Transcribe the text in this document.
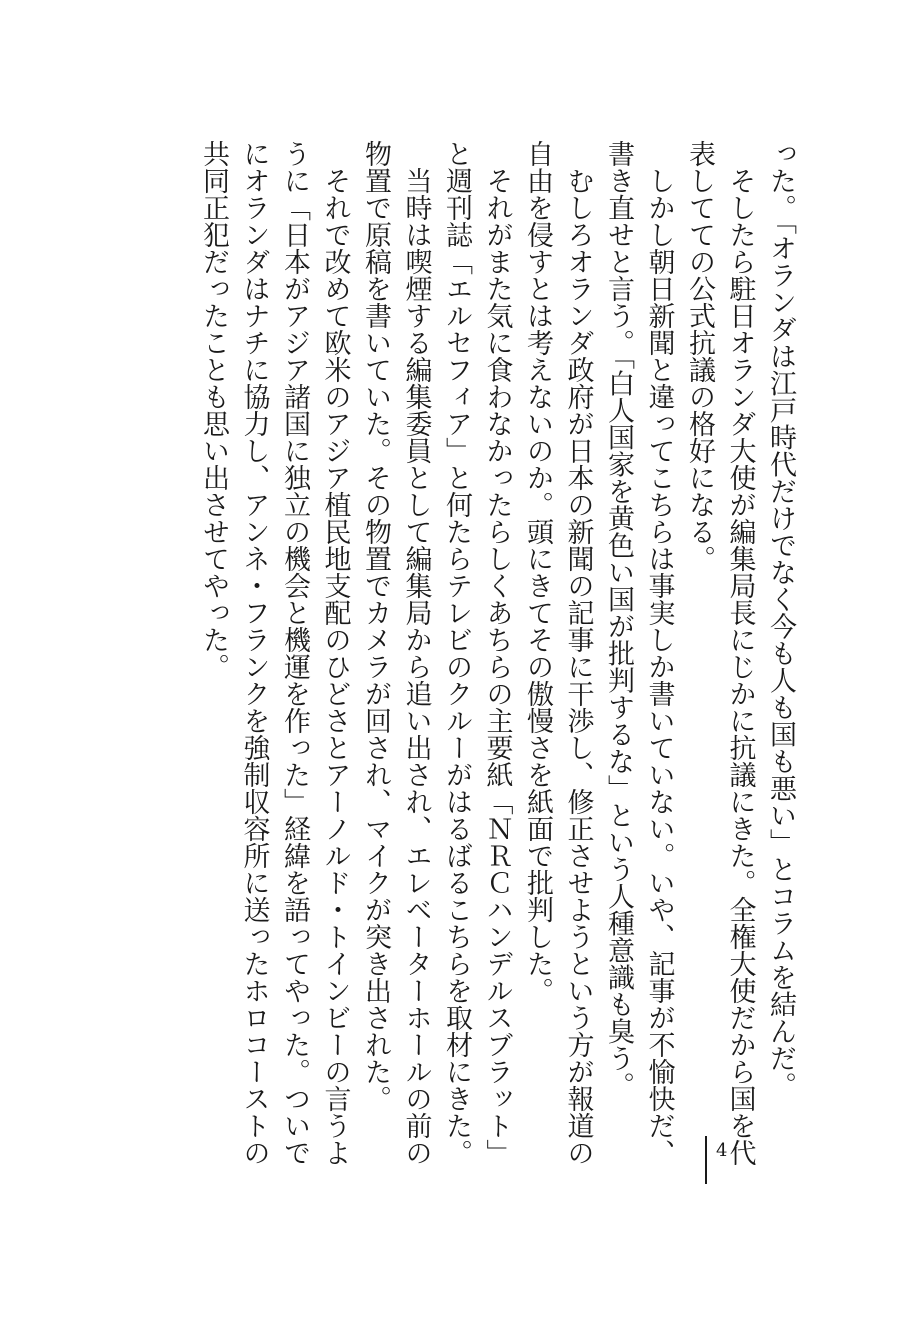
った。「オランダは江戸時代だけでなく今も人も国も悪い」とコラムを結んだ。

そしたら駐日オランダ大使が編集局長にじかに抗議にきた。全権大使だから国を代表してての公式抗議の格好になる。

しかし朝日新聞と違ってこちらは事実しか書いていない。いや、記事が不愉快だ、書き直せと言う。「白人国家を黄色い国が批判するな」という人種意識も臭う。

むしろオランダ政府が日本の新聞の記事に干渉し、修正させようという方が報道の自由を侵すとは考えないのか。頭にきてその傲慢さを紙面で批判した。

それがまた気に食わなかったらしくあちらの主要紙「ＮＲＣハンデルスブラット」と週刊誌「エルセフィア」と何たらテレビのクルーがはるばるこちらを取材にきた。

当時は喫煙する編集委員として編集局から追い出され、エレベーターホールの前の物置で原稿を書いていた。その物置でカメラが回され、マイクが突き出された。

それで改めて欧米のアジア植民地支配のひどさとアーノルド・トインビーの言うように「日本がアジア諸国に独立の機会と機運を作った」経緯を語ってやった。ついでにオランダはナチに協力し、アンネ・フランクを強制収容所に送ったホロコーストの共同正犯だったことも思い出させてやった。

4
